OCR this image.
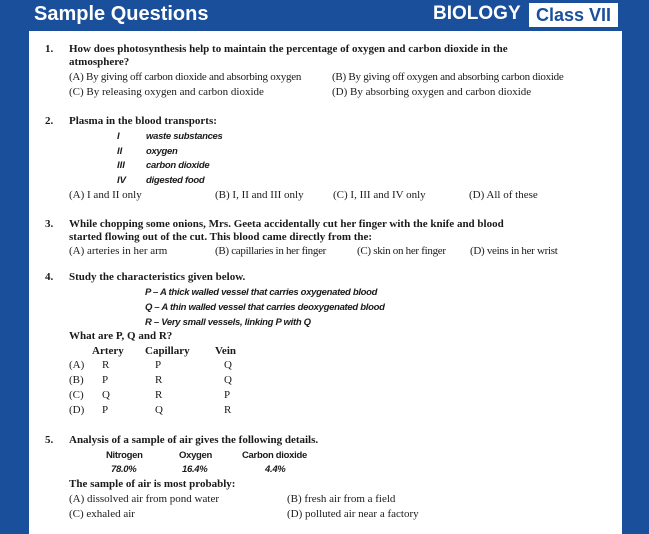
Sample Questions	BIOLOGY Class VII
1. How does photosynthesis help to maintain the percentage of oxygen and carbon dioxide in the
atmosphere?
(A) By giving off carbon dioxide and absorbing oxygen	(B) By giving off oxygen and absorbing carbon dioxide
(C) By releasing oxygen and carbon dioxide	(D) By absorbing oxygen and carbon dioxide
2. Plasma in the blood transports:
I	waste substances
II oxygen
III carbon dioxide
IV digested food
(A) I and II only	(B) I, II and III only	(C) I, III and IV only	(D) All of these
3. While chopping some onions, Mrs. Geeta accidentally cut her finger with the knife and blood
started flowing out of the cut. This blood came directly from the:
(A) arteries in her arm	(B) capillaries in her finger	(C) skin on her finger (D) veins in her wrist
4. Study the characteristics given below.
P – A thick walled vessel that carries oxygenated blood
Q – A thin walled vessel that carries deoxygenated blood
R – Very small vessels, linking P with Q
What are P, Q and R?
Artery Capillary Vein
(A) R	P	Q
(B) P	R	Q
(C) Q	R	P
(D) P	Q	R
5. Analysis of a sample of air gives the following details.
Nitrogen	Oxygen	Carbon dioxide
78.0%	16.4%	4.4%
The sample of air is most probably:
(A) dissolved air from pond water	(B) fresh air from a field
(C) exhaled air	(D) polluted air near a factory
